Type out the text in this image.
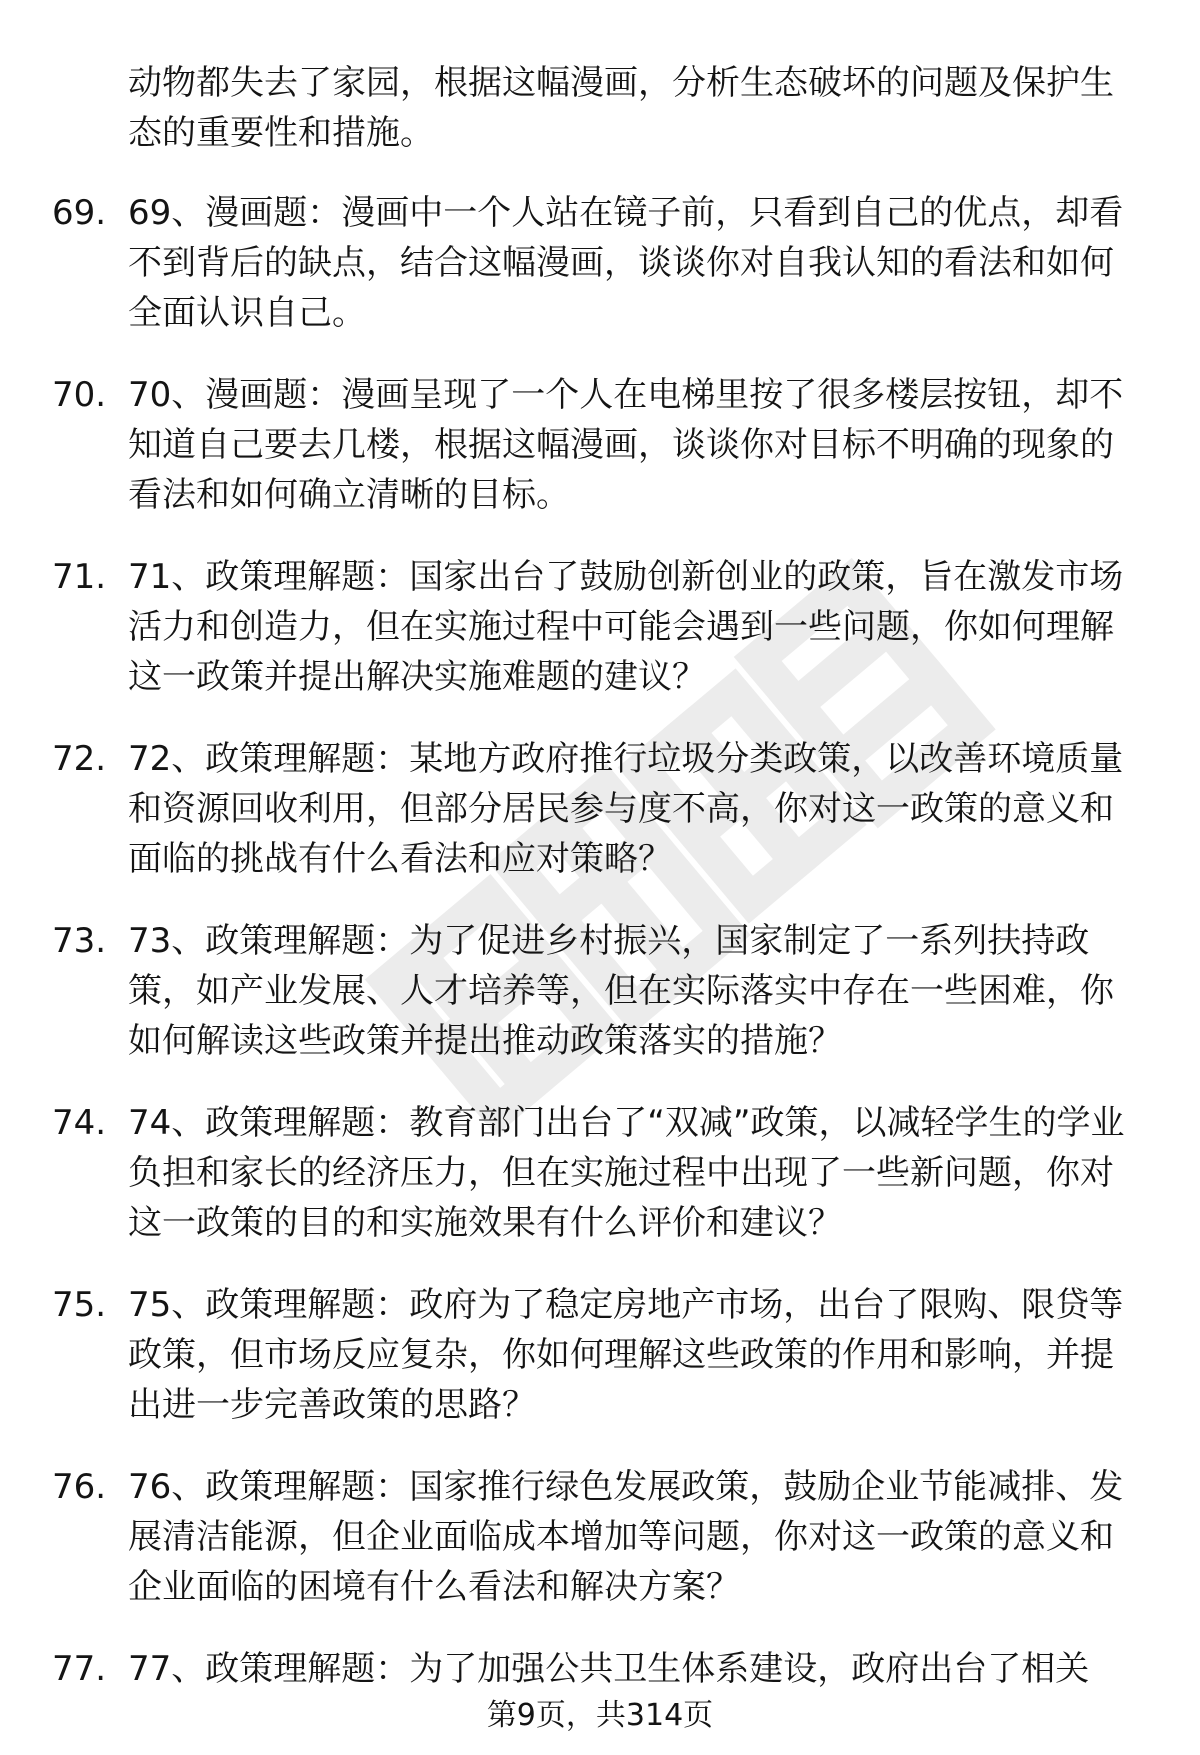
动物都失去了家园，根据这幅漫画，分析生态破坏的问题及保护生态的重要性和措施。

69. 69、漫画题：漫画中一个人站在镜子前，只看到自己的优点，却看不到背后的缺点，结合这幅漫画，谈谈你对自我认知的看法和如何全面认识自己。

70. 70、漫画题：漫画呈现了一个人在电梯里按了很多楼层按钮，却不知道自己要去几楼，根据这幅漫画，谈谈你对目标不明确的现象的看法和如何确立清晰的目标。

71. 71、政策理解题：国家出台了鼓励创新创业的政策，旨在激发市场活力和创造力，但在实施过程中可能会遇到一些问题，你如何理解这一政策并提出解决实施难题的建议？

72. 72、政策理解题：某地方政府推行垃圾分类政策，以改善环境质量和资源回收利用，但部分居民参与度不高，你对这一政策的意义和面临的挑战有什么看法和应对策略？

73. 73、政策理解题：为了促进乡村振兴，国家制定了一系列扶持政策，如产业发展、人才培养等，但在实际落实中存在一些困难，你如何解读这些政策并提出推动政策落实的措施？

74. 74、政策理解题：教育部门出台了“双减”政策，以减轻学生的学业负担和家长的经济压力，但在实施过程中出现了一些新问题，你对这一政策的目的和实施效果有什么评价和建议？

75. 75、政策理解题：政府为了稳定房地产市场，出台了限购、限贷等政策，但市场反应复杂，你如何理解这些政策的作用和影响，并提出进一步完善政策的思路？

76. 76、政策理解题：国家推行绿色发展政策，鼓励企业节能减排、发展清洁能源，但企业面临成本增加等问题，你对这一政策的意义和企业面临的困境有什么看法和解决方案？

77. 77、政策理解题：为了加强公共卫生体系建设，政府出台了相关

第9页，共314页
